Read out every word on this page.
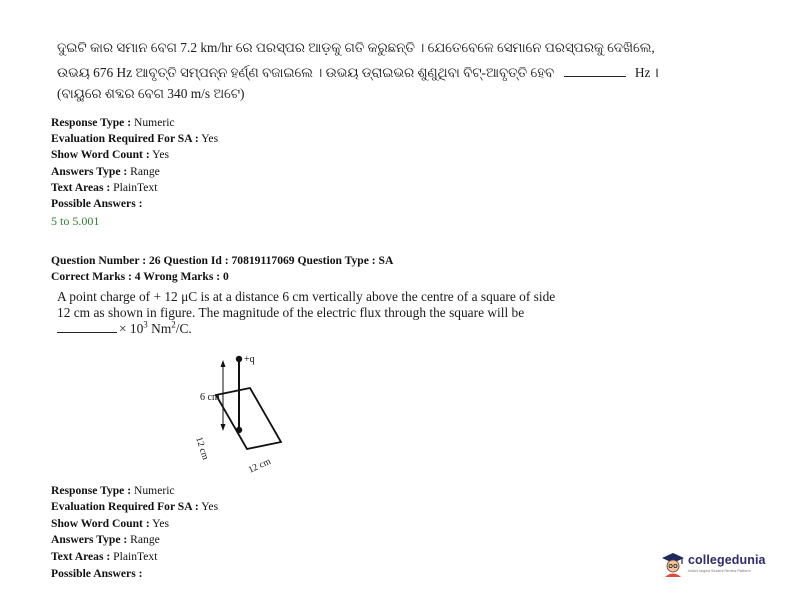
ଦୁଇଟି କାର ସମାନ ବେଗ 7.2 km/hr ରେ ପରସ୍ପର ଆଡ଼କୁ ଗତି କରୁଛନ୍ତି । ଯେତେବେଳେ ସେମାନେ ପରସ୍ପରକୁ ଦେଖିଲେ,
ଉଭୟ 676 Hz ଆବୃତ୍ତି ସମ୍ପନ୍ନ ହର୍ଣ୍ଣ ବଜାଇଲେ । ଉଭୟ ଡ୍ରାଇଭର ଶୁଣୁଥିବା ବିଟ୍-ଆବୃତ୍ତି ହେବ	Hz ।
(ବାୟୁରେ ଶବ୍ଦର ବେଗ 340 m/s ଅଟେ)
Response Type : Numeric
Evaluation Required For SA : Yes
Show Word Count : Yes
Answers Type : Range
Text Areas : PlainText
Possible Answers :
5 to 5.001
Question Number : 26 Question Id : 70819117069 Question Type : SA
Correct Marks : 4 Wrong Marks : 0
A point charge of + 12 μC is at a distance 6 cm vertically above the centre of a square of side
12 cm as shown in figure. The magnitude of the electric flux through the square will be
× $10^3$ $Nm^2/C$.
+q
6 cm
12 cm
12 cm
Response Type : Numeric
Evaluation Required For SA : Yes
Show Word Count : Yes
Answers Type : Range
Text Areas : PlainText
Possible Answers :
collegedunia
India's largest Student Review Platform
